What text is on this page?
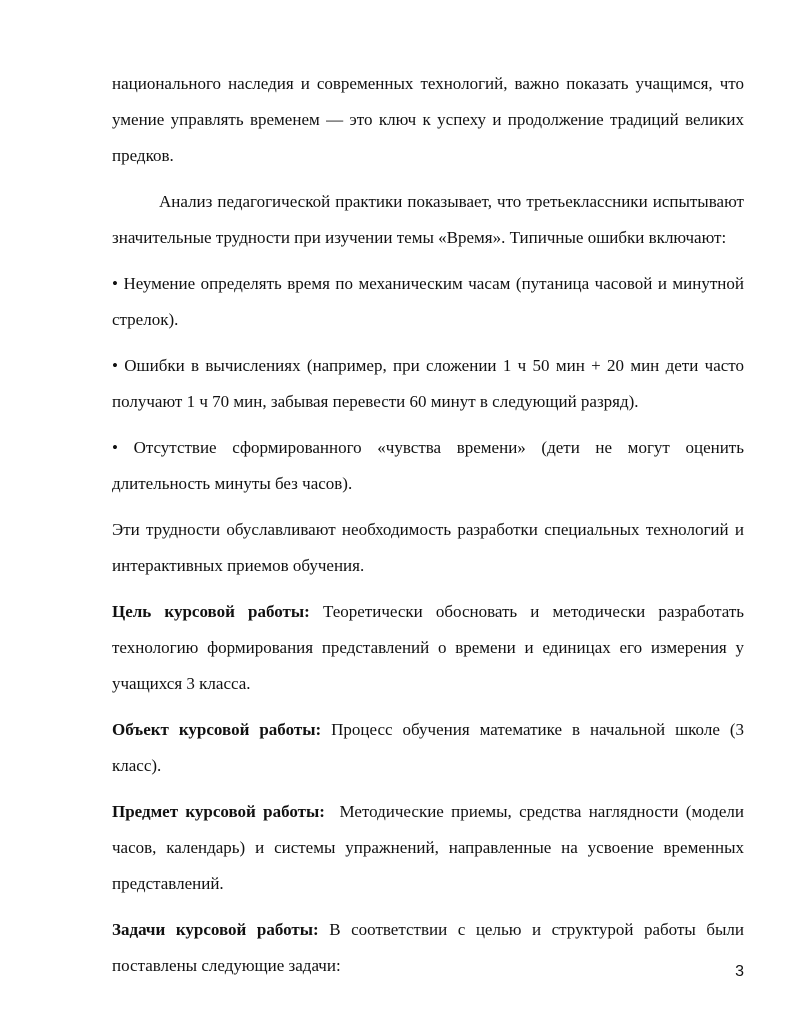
национального наследия и современных технологий, важно показать учащимся, что умение управлять временем — это ключ к успеху и продолжение традиций великих предков.

Анализ педагогической практики показывает, что третьеклассники испытывают значительные трудности при изучении темы «Время». Типичные ошибки включают:

• Неумение определять время по механическим часам (путаница часовой и минутной стрелок).

• Ошибки в вычислениях (например, при сложении 1 ч 50 мин + 20 мин дети часто получают 1 ч 70 мин, забывая перевести 60 минут в следующий разряд).

• Отсутствие сформированного «чувства времени» (дети не могут оценить длительность минуты без часов).

Эти трудности обуславливают необходимость разработки специальных технологий и интерактивных приемов обучения.

Цель курсовой работы: Теоретически обосновать и методически разработать технологию формирования представлений о времени и единицах его измерения у учащихся 3 класса.

Объект курсовой работы: Процесс обучения математике в начальной школе (3 класс).

Предмет курсовой работы:  Методические приемы, средства наглядности (модели часов, календарь) и системы упражнений, направленные на усвоение временных представлений.

Задачи курсовой работы: В соответствии с целью и структурой работы были поставлены следующие задачи:	3
